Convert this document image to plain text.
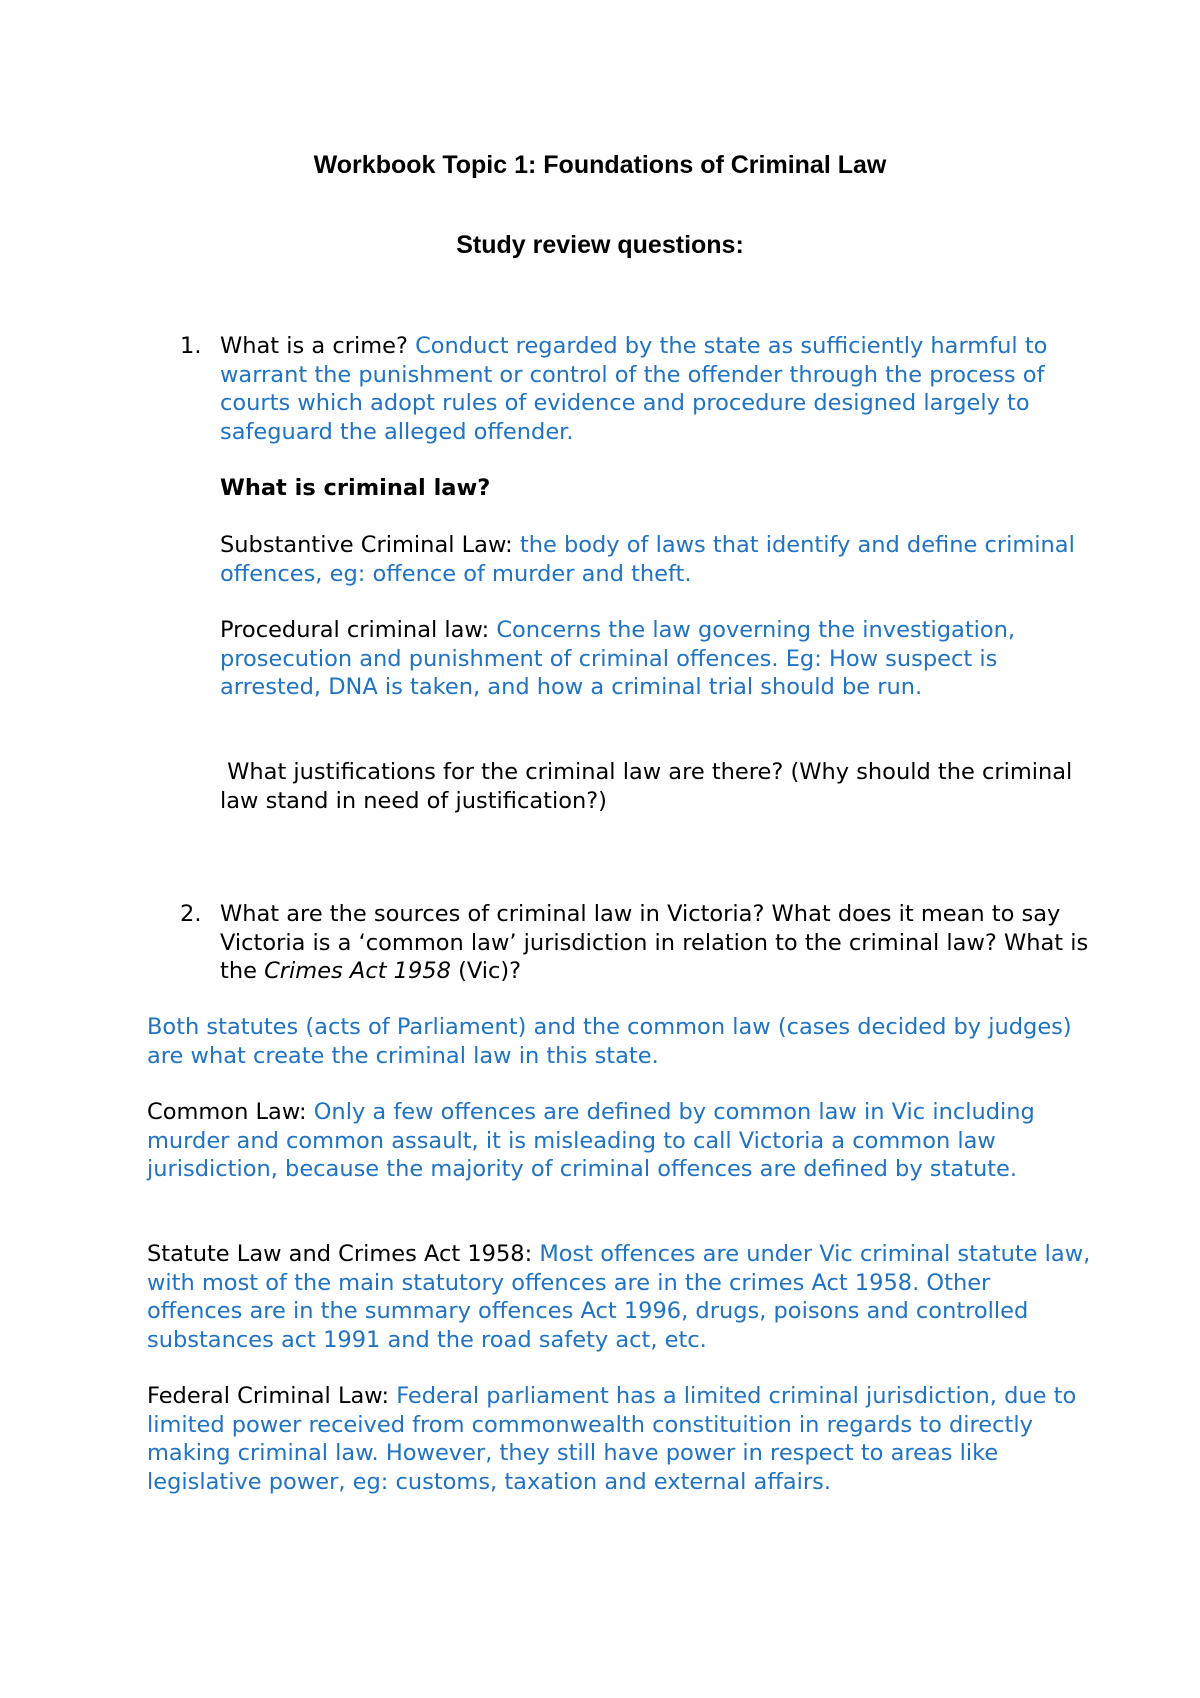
Workbook Topic 1: Foundations of Criminal Law
Study review questions:
1. What is a crime? Conduct regarded by the state as sufficiently harmful to warrant the punishment or control of the offender through the process of courts which adopt rules of evidence and procedure designed largely to safeguard the alleged offender.

What is criminal law?

Substantive Criminal Law: the body of laws that identify and define criminal offences, eg: offence of murder and theft.

Procedural criminal law: Concerns the law governing the investigation, prosecution and punishment of criminal offences. Eg: How suspect is arrested, DNA is taken, and how a criminal trial should be run.

What justifications for the criminal law are there? (Why should the criminal law stand in need of justification?)

2. What are the sources of criminal law in Victoria? What does it mean to say Victoria is a ‘common law’ jurisdiction in relation to the criminal law? What is the Crimes Act 1958 (Vic)?

Both statutes (acts of Parliament) and the common law (cases decided by judges) are what create the criminal law in this state.

Common Law: Only a few offences are defined by common law in Vic including murder and common assault, it is misleading to call Victoria a common law jurisdiction, because the majority of criminal offences are defined by statute.

Statute Law and Crimes Act 1958: Most offences are under Vic criminal statute law, with most of the main statutory offences are in the crimes Act 1958. Other offences are in the summary offences Act 1996, drugs, poisons and controlled substances act 1991 and the road safety act, etc.

Federal Criminal Law: Federal parliament has a limited criminal jurisdiction, due to limited power received from commonwealth constituition in regards to directly making criminal law. However, they still have power in respect to areas like legislative power, eg: customs, taxation and external affairs.
